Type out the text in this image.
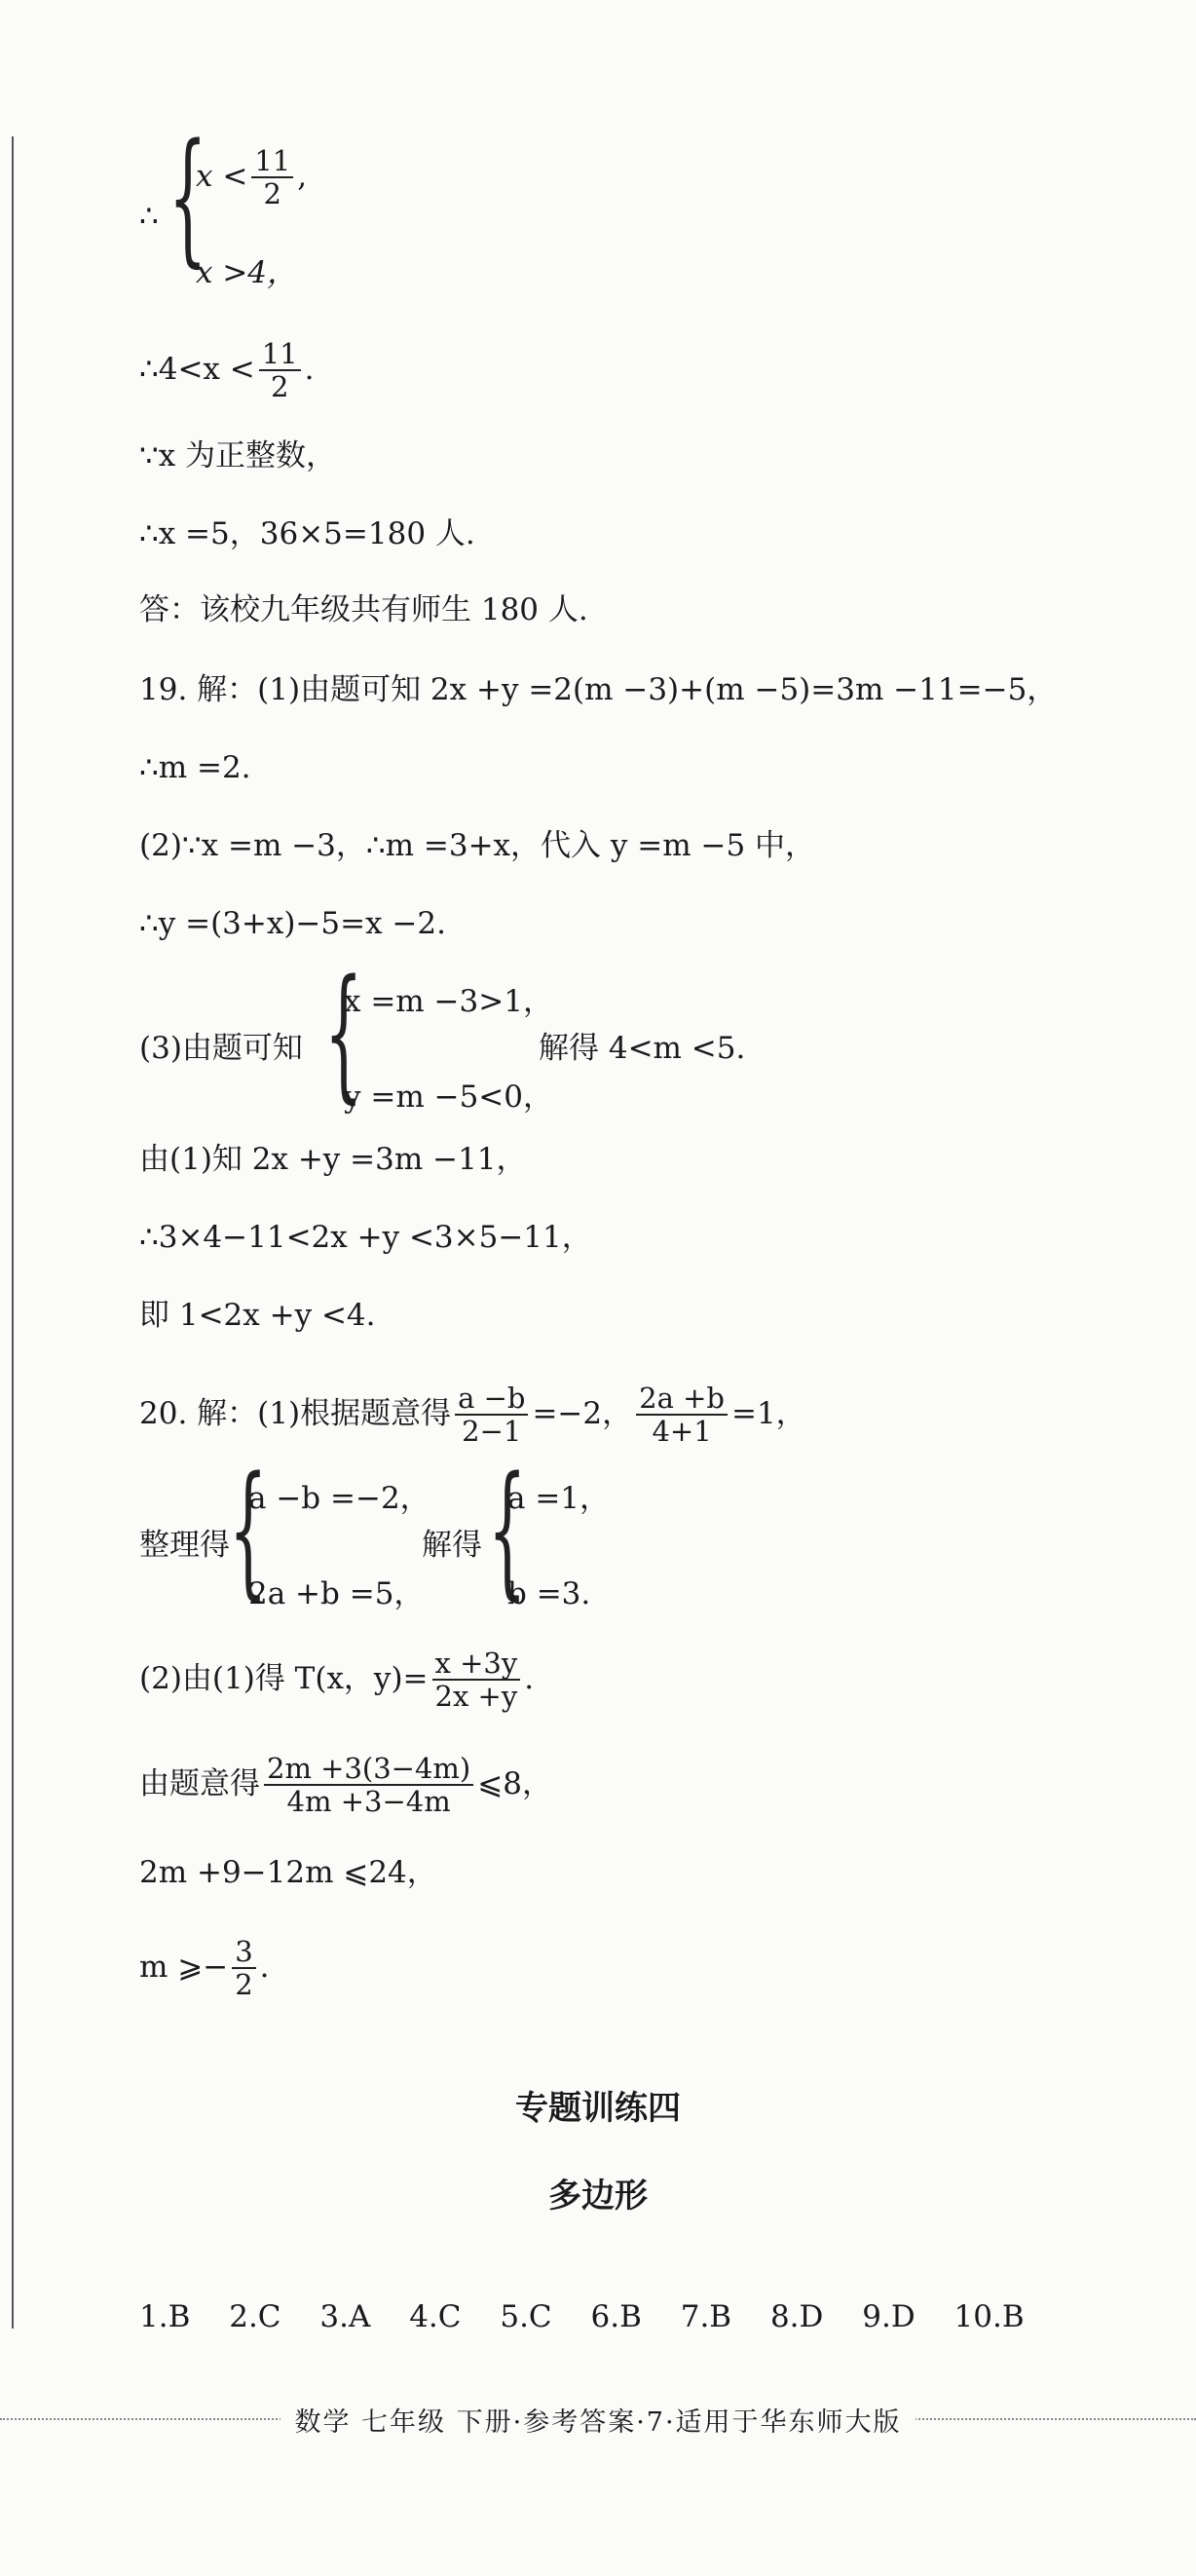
∴ {
$x < \frac{11}{2}$ ,
x >4，
∴4<x < $\frac{11}{2}$ .
∵x 为正整数，
∴x =5，36×5=180 人.
答：该校九年级共有师生 180 人.
19. 解：(1)由题可知 2x +y =2(m −3)+(m −5)=3m −11=−5，
∴m =2.
(2)∵x =m −3，∴m =3+x，代入 y =m −5 中，
∴y =(3+x)−5=x −2.
(3)由题可知 {
x =m −3>1，
y =m −5<0，
解得 4<m <5.
由(1)知 2x +y =3m −11，
∴3×4−11<2x +y <3×5−11，
即 1<2x +y <4.
20. 解：(1)根据题意得 $\frac{a -b}{2-1} =-2$， $\frac{2a +b}{4+1} =1$，
整理得 {
a −b =−2，
2a +b =5，
解得 {
a =1，
b =3.
(2)由(1)得 T(x，$y)= \frac{x +3y}{2x +y}$ .
由题意得 $\frac{2m +3(3-4m)}{4m +3-4m}$ ⩽8，
2m +9−12m ⩽24，
m ⩾− $\frac{3}{2}$ .
专题训练四
多边形
1.B 2.C 3.A 4.C 5.C 6.B 7.B 8.D 9.D 10.B
数学 七年级 下册·参考答案·7·适用于华东师大版
